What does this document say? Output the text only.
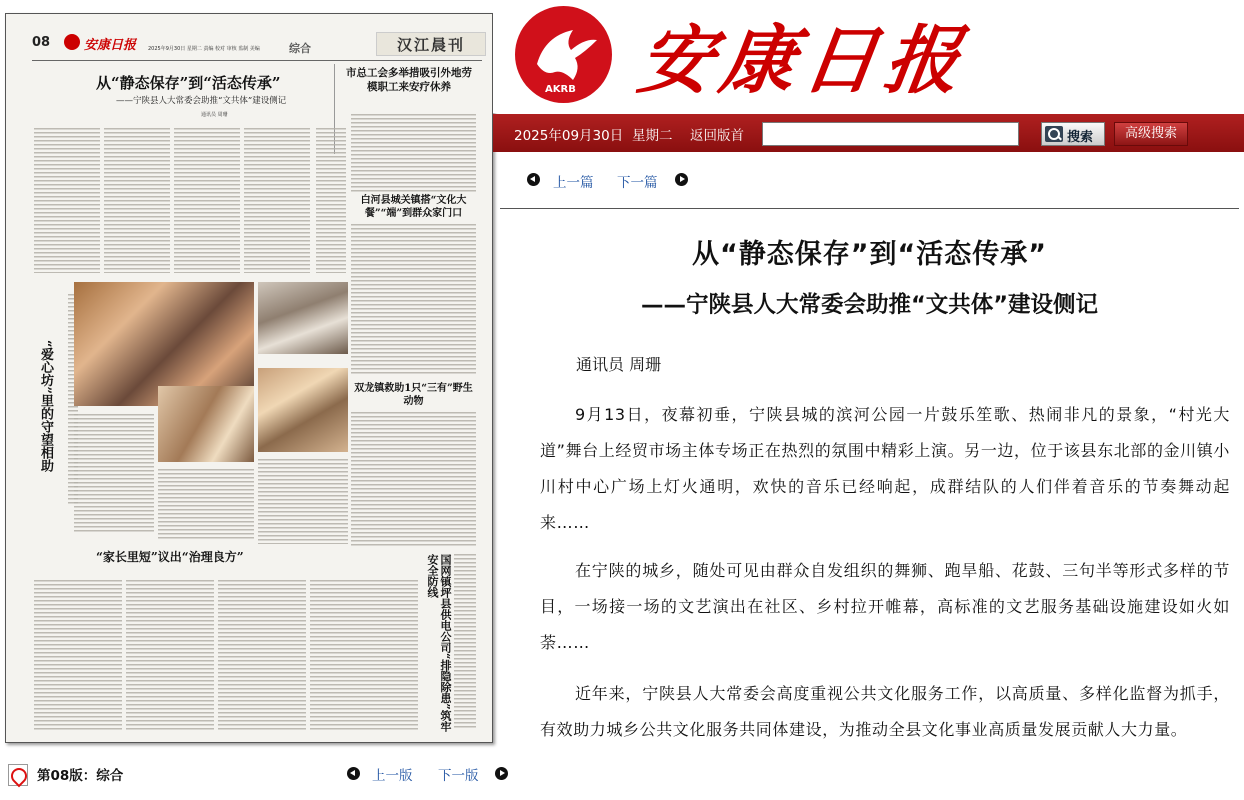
08	安康日报 2025年9月30日 星期二 责编 校对 审核 监制 美编	综合	汉江晨刊
从“静态保存”到“活态传承”
——宁陕县人大常委会助推“文共体”建设侧记
通讯员 周珊
市总工会多举措吸引外地劳模职工来安疗休养
白河县城关镇搭“文化大餐”“端”到群众家门口
双龙镇救助1只“三有”野生动物
“爱心坊”里的守望相助
“家长里短”议出“治理良方”	国网镇坪县供电公司“排隐除患”筑牢安全防线
AKRB 安康日报
2025年09月30日 星期二 返回版首	搜索	高级搜索
上一篇 下一篇
从“静态保存”到“活态传承”
——宁陕县人大常委会助推“文共体”建设侧记
通讯员 周珊

9月13日，夜幕初垂，宁陕县城的滨河公园一片鼓乐笙歌、热闹非凡的景象，“村光大道”舞台上经贸市场主体专场正在热烈的氛围中精彩上演。另一边，位于该县东北部的金川镇小川村中心广场上灯火通明，欢快的音乐已经响起，成群结队的人们伴着音乐的节奏舞动起来……

在宁陕的城乡，随处可见由群众自发组织的舞狮、跑旱船、花鼓、三句半等形式多样的节目，一场接一场的文艺演出在社区、乡村拉开帷幕，高标准的文艺服务基础设施建设如火如荼……

近年来，宁陕县人大常委会高度重视公共文化服务工作，以高质量、多样化监督为抓手，有效助力城乡公共文化服务共同体建设，为推动全县文化事业高质量发展贡献人大力量。

第08版：综合	上一版 下一版
